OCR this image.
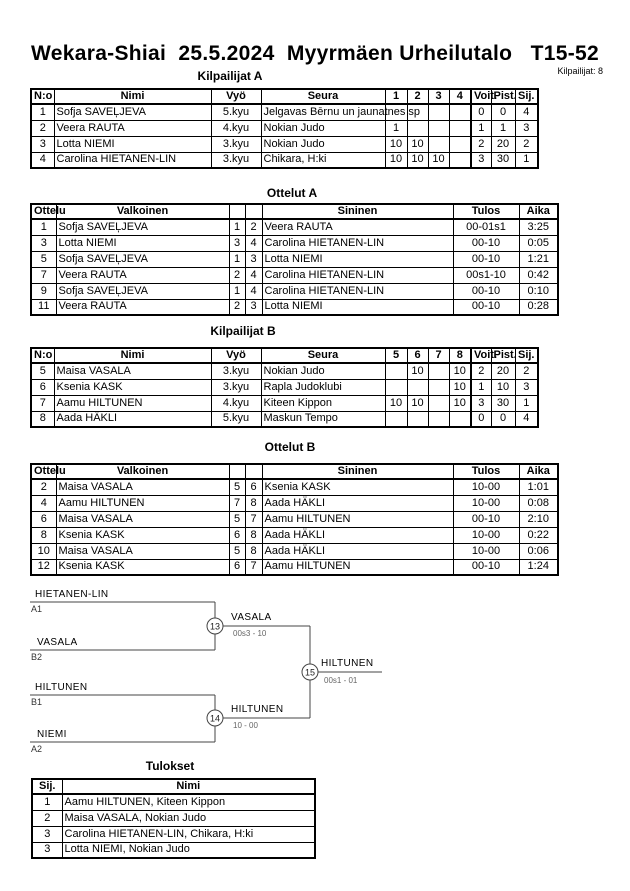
Wekara-Shiai  25.5.2024  Myyrmäen Urheilutalo   T15-52
Kilpailijat: 8
Kilpailijat A
N:o	Nimi	Vyö	Seura	1	2	3	4	Voit.	Pist.	Sij.
1	Sofja SAVEĻJEVA	5.kyu	Jelgavas Bērnu un jaunatnes sp					0	0	4
2	Veera RAUTA	4.kyu	Nokian Judo	1				1	1	3
3	Lotta NIEMI	3.kyu	Nokian Judo	10	10			2	20	2
4	Carolina HIETANEN-LIN	3.kyu	Chikara, H:ki	10	10	10		3	30	1
Ottelut A
Ottelu	Valkoinen			Sininen	Tulos	Aika
1	Sofja SAVEĻJEVA	1	2	Veera RAUTA	00-01s1	3:25
3	Lotta NIEMI	3	4	Carolina HIETANEN-LIN	00-10	0:05
5	Sofja SAVEĻJEVA	1	3	Lotta NIEMI	00-10	1:21
7	Veera RAUTA	2	4	Carolina HIETANEN-LIN	00s1-10	0:42
9	Sofja SAVEĻJEVA	1	4	Carolina HIETANEN-LIN	00-10	0:10
11	Veera RAUTA	2	3	Lotta NIEMI	00-10	0:28
Kilpailijat B
N:o	Nimi	Vyö	Seura	5	6	7	8	Voit.	Pist.	Sij.
5	Maisa VASALA	3.kyu	Nokian Judo		10		10	2	20	2
6	Ksenia KASK	3.kyu	Rapla Judoklubi				10	1	10	3
7	Aamu HILTUNEN	4.kyu	Kiteen Kippon	10	10		10	3	30	1
8	Aada HÄKLI	5.kyu	Maskun Tempo					0	0	4
Ottelut B
Ottelu	Valkoinen			Sininen	Tulos	Aika
2	Maisa VASALA	5	6	Ksenia KASK	10-00	1:01
4	Aamu HILTUNEN	7	8	Aada HÄKLI	10-00	0:08
6	Maisa VASALA	5	7	Aamu HILTUNEN	00-10	2:10
8	Ksenia KASK	6	8	Aada HÄKLI	10-00	0:22
10	Maisa VASALA	5	8	Aada HÄKLI	10-00	0:06
12	Ksenia KASK	6	7	Aamu HILTUNEN	00-10	1:24
13
14
15
HIETANEN-LIN
A1
VASALA
B2
HILTUNEN
B1
NIEMI
A2
VASALA
00s3 - 10
HILTUNEN
10 - 00
HILTUNEN
00s1 - 01
Tulokset
Sij.	Nimi
1	Aamu HILTUNEN, Kiteen Kippon
2	Maisa VASALA, Nokian Judo
3	Carolina HIETANEN-LIN, Chikara, H:ki
3	Lotta NIEMI, Nokian Judo
